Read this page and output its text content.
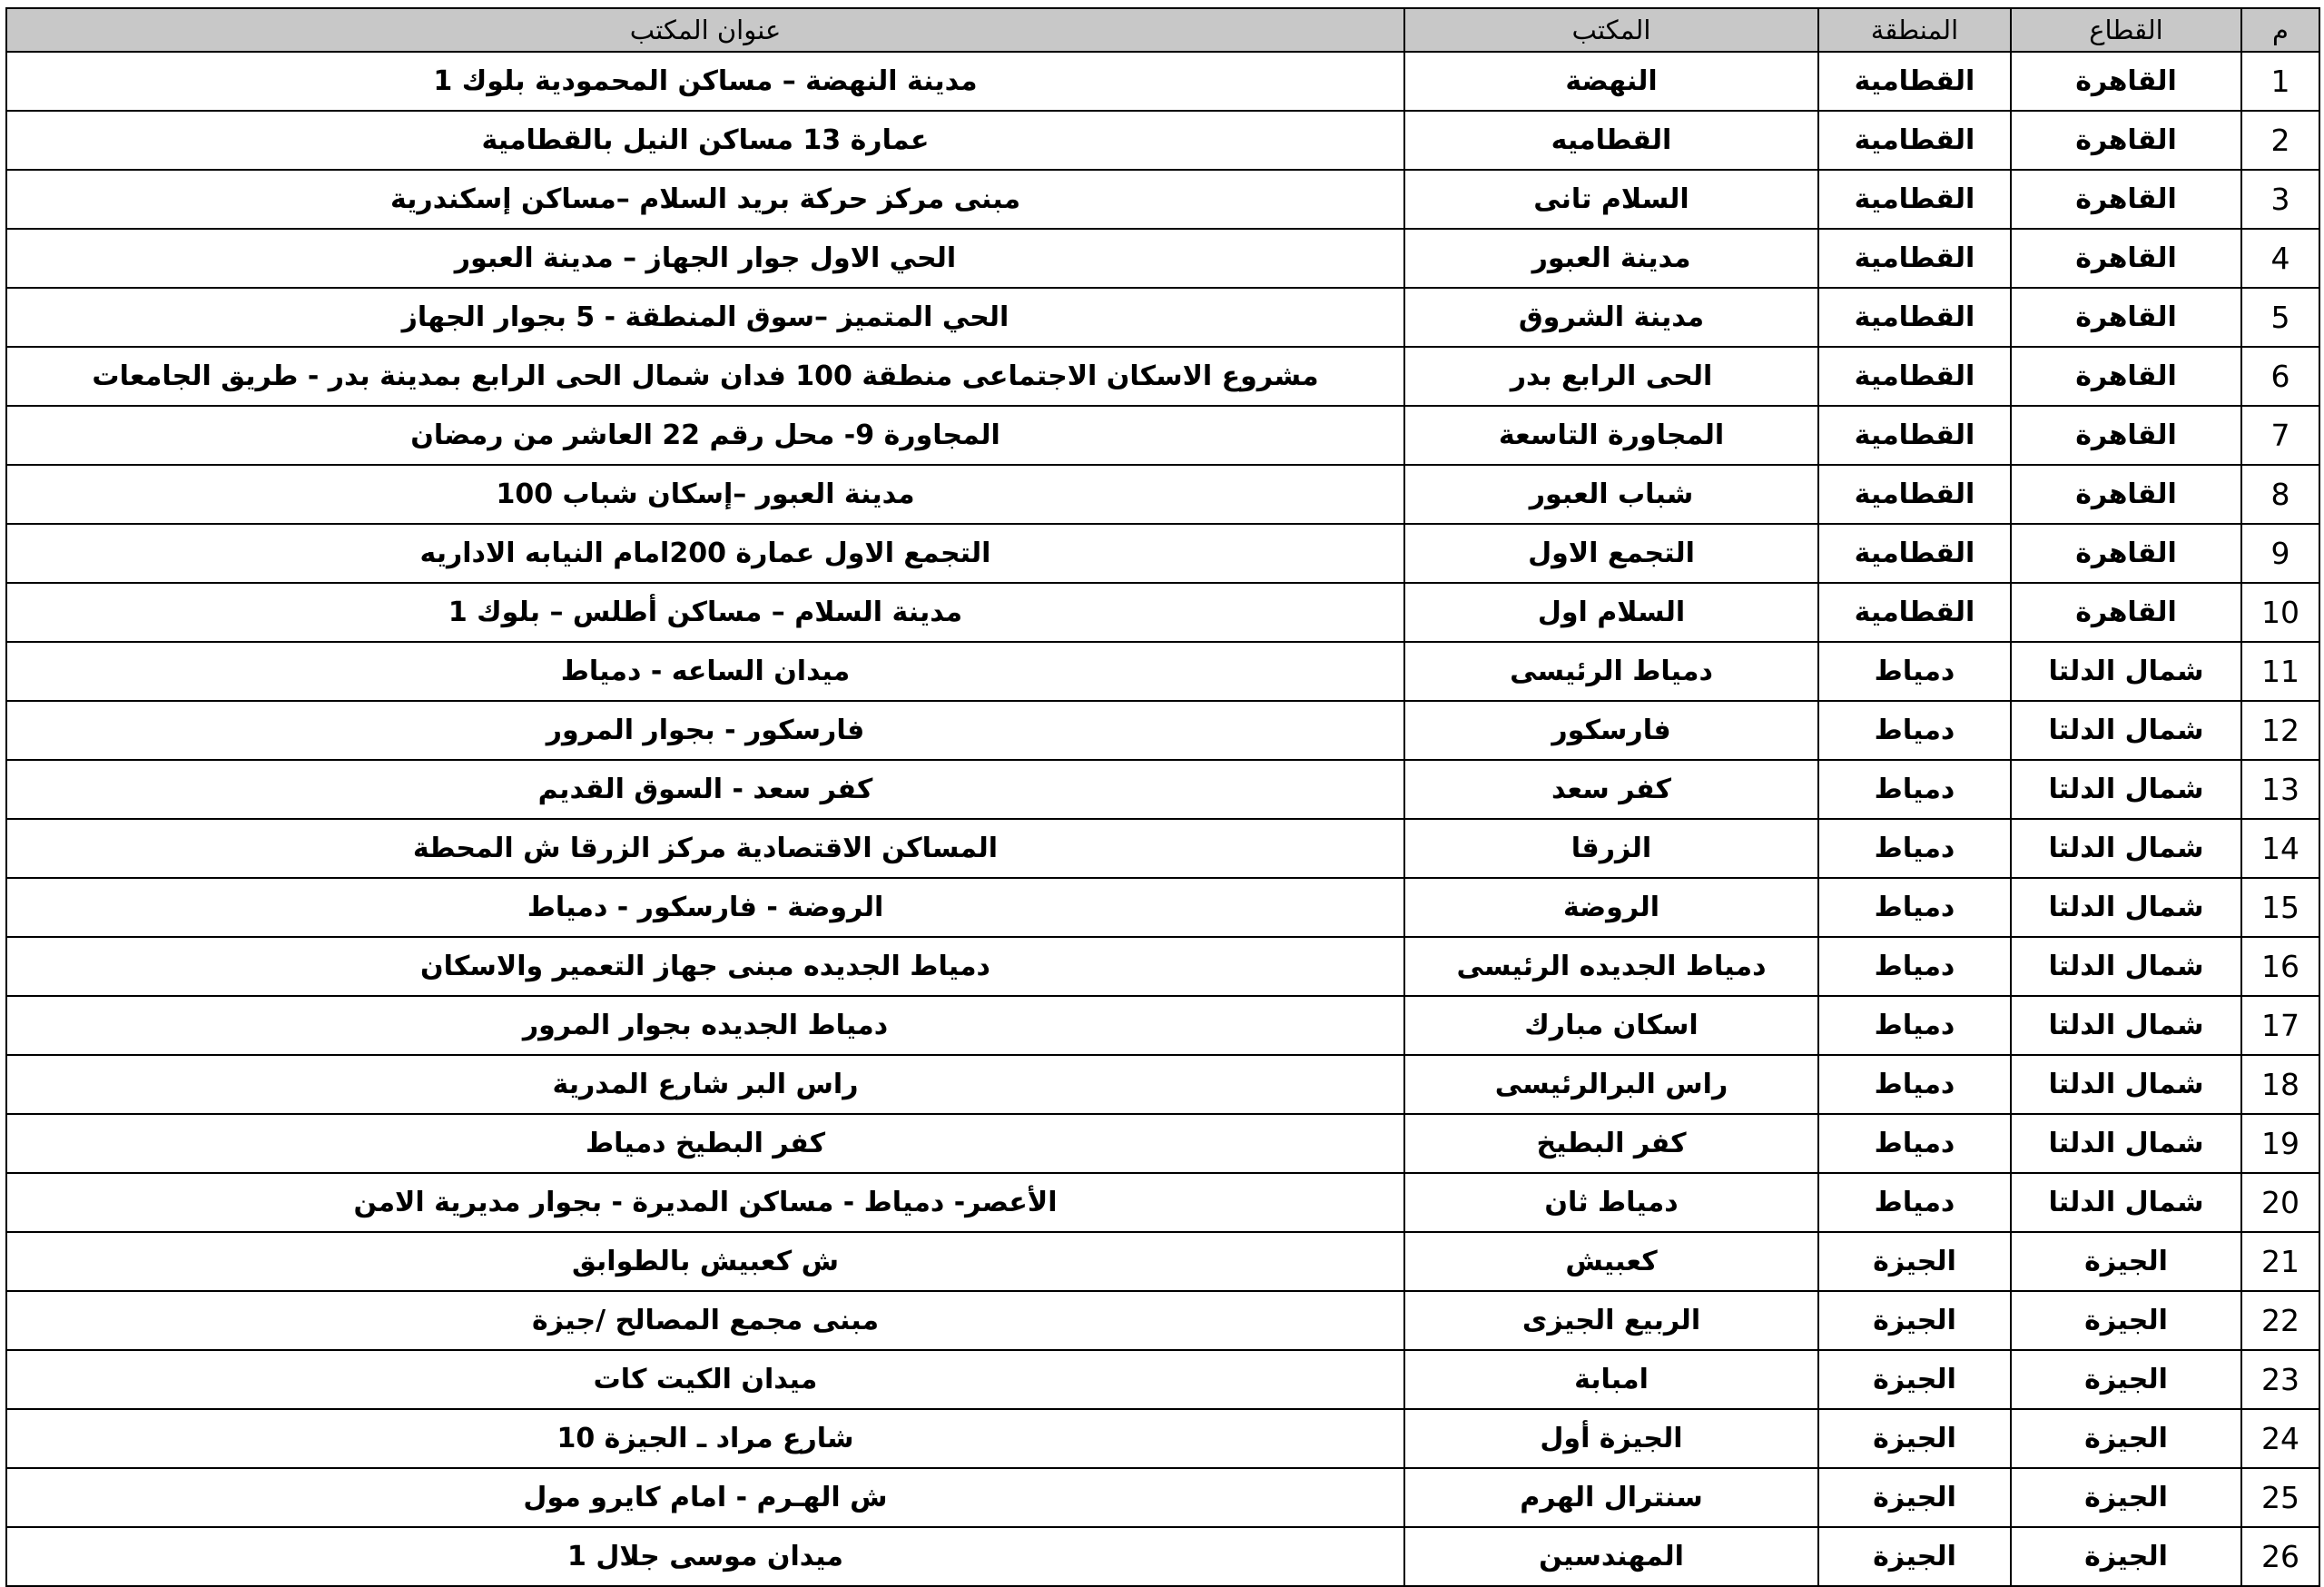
م	القطاع	المنطقة	المكتب	عنوان المكتب
1	القاهرة	القطامية	النهضة	مدينة النهضة – مساكن المحمودية بلوك 1
2	القاهرة	القطامية	القطاميه	عمارة 13 مساكن النيل بالقطامية
3	القاهرة	القطامية	السلام تانى	مبنى مركز حركة بريد السلام –مساكن إسكندرية
4	القاهرة	القطامية	مدينة العبور	الحي الاول جوار الجهاز – مدينة العبور
5	القاهرة	القطامية	مدينة الشروق	الحي المتميز –سوق المنطقة - 5 بجوار الجهاز
6	القاهرة	القطامية	الحى الرابع بدر	مشروع الاسكان الاجتماعى منطقة 100 فدان شمال الحى الرابع بمدينة بدر - طريق الجامعات
7	القاهرة	القطامية	المجاورة التاسعة	المجاورة 9- محل رقم 22 العاشر من رمضان
8	القاهرة	القطامية	شباب العبور	مدينة العبور –إسكان شباب 100
9	القاهرة	القطامية	التجمع الاول	التجمع الاول عمارة 200امام النيابه الاداريه
10	القاهرة	القطامية	السلام اول	مدينة السلام – مساكن أطلس – بلوك 1
11	شمال الدلتا	دمياط	دمياط الرئيسى	ميدان الساعه - دمياط
12	شمال الدلتا	دمياط	فارسكور	فارسكور - بجوار المرور
13	شمال الدلتا	دمياط	كفر سعد	كفر سعد - السوق القديم
14	شمال الدلتا	دمياط	الزرقا	المساكن الاقتصادية مركز الزرقا ش المحطة
15	شمال الدلتا	دمياط	الروضة	الروضة - فارسكور - دمياط
16	شمال الدلتا	دمياط	دمياط الجديده الرئيسى	دمياط الجديده مبنى جهاز التعمير والاسكان
17	شمال الدلتا	دمياط	اسكان مبارك	دمياط الجديده بجوار المرور
18	شمال الدلتا	دمياط	راس البرالرئيسى	راس البر شارع المدرية
19	شمال الدلتا	دمياط	كفر البطيخ	كفر البطيخ دمياط
20	شمال الدلتا	دمياط	دمياط ثان	الأعصر- دمياط - مساكن المديرة - بجوار مديرية الامن
21	الجيزة	الجيزة	كعبيش	ش كعبيش بالطوابق
22	الجيزة	الجيزة	الربيع الجيزى	مبنى مجمع المصالح /جيزة
23	الجيزة	الجيزة	امبابة	ميدان الكيت كات
24	الجيزة	الجيزة	الجيزة أول	شارع مراد ـ الجيزة 10
25	الجيزة	الجيزة	سنترال الهرم	ش الهـرم - امام كايرو مول
26	الجيزة	الجيزة	المهندسين	ميدان موسى جلال 1
